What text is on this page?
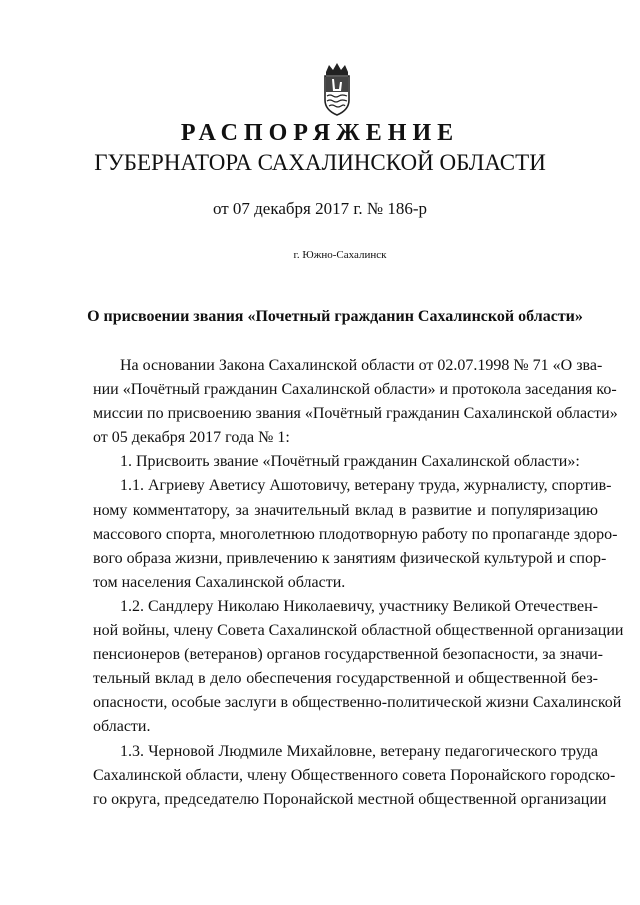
РАСПОРЯЖЕНИЕ
ГУБЕРНАТОРА САХАЛИНСКОЙ ОБЛАСТИ
от 07 декабря 2017 г. № 186-р
г. Южно-Сахалинск
О присвоении звания «Почетный гражданин Сахалинской области»
На основании Закона Сахалинской области от 02.07.1998 № 71 «О зва-
нии «Почётный гражданин Сахалинской области» и протокола заседания ко-
миссии по присвоению звания «Почётный гражданин Сахалинской области»
от 05 декабря 2017 года № 1:
1. Присвоить звание «Почётный гражданин Сахалинской области»:
1.1. Агриеву Аветису Ашотовичу, ветерану труда, журналисту, спортив-
ному комментатору, за значительный вклад в развитие и популяризацию
массового спорта, многолетнюю плодотворную работу по пропаганде здоро-
вого образа жизни, привлечению к занятиям физической культурой и спор-
том населения Сахалинской области.
1.2. Сандлеру Николаю Николаевичу, участнику Великой Отечествен-
ной войны, члену Совета Сахалинской областной общественной организации
пенсионеров (ветеранов) органов государственной безопасности, за значи-
тельный вклад в дело обеспечения государственной и общественной без-
опасности, особые заслуги в общественно-политической жизни Сахалинской
области.
1.3. Черновой Людмиле Михайловне, ветерану педагогического труда
Сахалинской области, члену Общественного совета Поронайского городско-
го округа, председателю Поронайской местной общественной организации
